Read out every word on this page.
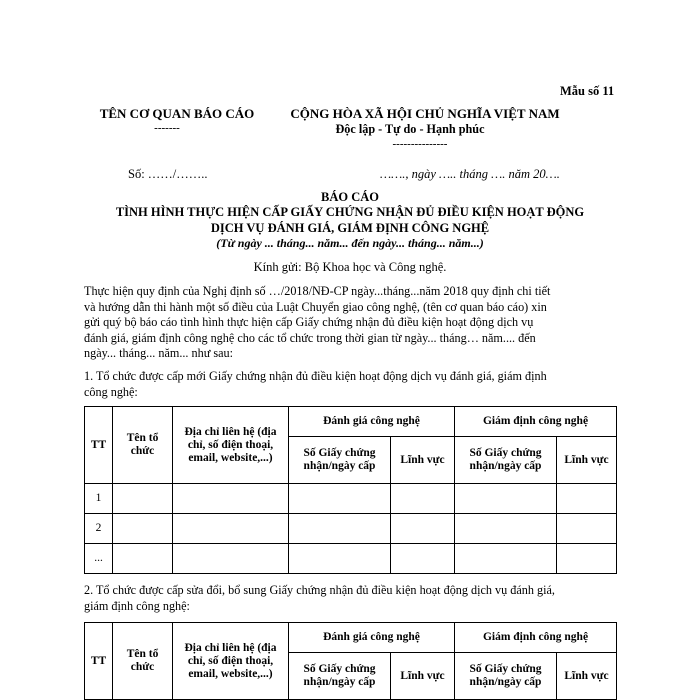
Mẫu số 11
TÊN CƠ QUAN BÁO CÁO
-------
CỘNG HÒA XÃ HỘI CHỦ NGHĨA VIỆT NAM
Độc lập - Tự do - Hạnh phúc
---------------
Số: ……/……..	……., ngày ….. tháng …. năm 20….
BÁO CÁO
TÌNH HÌNH THỰC HIỆN CẤP GIẤY CHỨNG NHẬN ĐỦ ĐIỀU KIỆN HOẠT ĐỘNG
DỊCH VỤ ĐÁNH GIÁ, GIÁM ĐỊNH CÔNG NGHỆ
(Từ ngày ... tháng... năm... đến ngày... tháng... năm...)
Kính gửi: Bộ Khoa học và Công nghệ.
Thực hiện quy định của Nghị định số …/2018/NĐ-CP ngày...tháng...năm 2018 quy định chi tiết
và hướng dẫn thi hành một số điều của Luật Chuyển giao công nghệ, (tên cơ quan báo cáo) xin
gửi quý bộ báo cáo tình hình thực hiện cấp Giấy chứng nhận đủ điều kiện hoạt động dịch vụ
đánh giá, giám định công nghệ cho các tổ chức trong thời gian từ ngày... tháng… năm.... đến
ngày... tháng... năm... như sau:
1. Tổ chức được cấp mới Giấy chứng nhận đủ điều kiện hoạt động dịch vụ đánh giá, giám định
công nghệ:
TT	Tên tổ chức	Địa chỉ liên hệ (địa chỉ, số điện thoại, email, website,...)	Đánh giá công nghệ		Giám định công nghệ	
			Số Giấy chứng nhận/ngày cấp	Lĩnh vực	Số Giấy chứng nhận/ngày cấp	Lĩnh vực
1						
2						
...						
2. Tổ chức được cấp sửa đổi, bổ sung Giấy chứng nhận đủ điều kiện hoạt động dịch vụ đánh giá,
giám định công nghệ:
TT	Tên tổ chức	Địa chỉ liên hệ (địa chỉ, số điện thoại, email, website,...)	Đánh giá công nghệ		Giám định công nghệ	
			Số Giấy chứng nhận/ngày cấp	Lĩnh vực	Số Giấy chứng nhận/ngày cấp	Lĩnh vực
